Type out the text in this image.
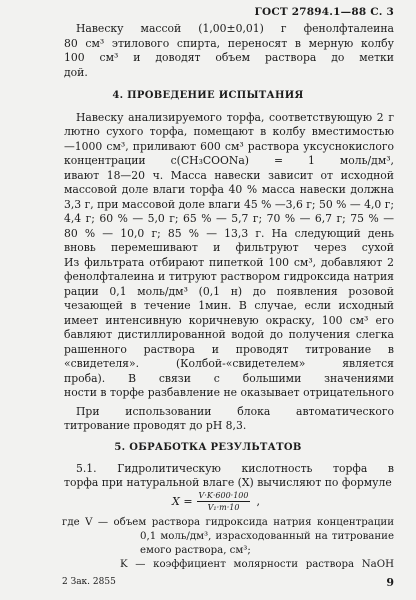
ГОСТ 27894.1—88 С. 3
Навеску массой (1,00±0,01) г фенолфталеина
80 см³ этилового спирта, переносят в мерную колбу
100 см³ и доводят объем раствора до метки
дой.
4. ПРОВЕДЕНИЕ ИСПЫТАНИЯ
Навеску анализируемого торфа, соответствующую 2 г
лютно сухого торфа, помещают в колбу вместимостью
—1000 см³, приливают 600 см³ раствора уксуснокислого
концентрации c(CH₃COONa) = 1 моль/дм³,
ивают 18—20 ч. Масса навески зависит от исходной
массовой доле влаги торфа 40 % масса навески должна
3,3 г, при массовой доле влаги 45 % —3,6 г; 50 % — 4,0 г;
4,4 г; 60 % — 5,0 г; 65 % — 5,7 г; 70 % — 6,7 г; 75 % —
80 % — 10,0 г; 85 % — 13,3 г. На следующий день
вновь перемешивают и фильтруют через сухой
Из фильтрата отбирают пипеткой 100 см³, добавляют 2
фенолфталеина и титруют раствором гидроксида натрия
рации 0,1 моль/дм³ (0,1 н) до появления розовой
чезающей в течение 1мин. В случае, если исходный
имеет интенсивную коричневую окраску, 100 см³ его
бавляют дистиллированной водой до получения слегка
рашенного раствора и проводят титрование в
«свидетеля». (Колбой-«свидетелем» является
проба). В связи с большими значениями
ности в торфе разбавление не оказывает отрицательного
При использовании блока автоматического
титрование проводят до pH 8,3.
5. ОБРАБОТКА РЕЗУЛЬТАТОВ
5.1. Гидролитическую кислотность торфа в
торфа при натуральной влаге (X) вычисляют по формуле
$X = \frac{V\cdot K\cdot 600\cdot 100}{\text{V₁·m·10}}$ ,
где V — объем раствора гидроксида натрия концентрации
0,1 моль/дм³, израсходованный на титрование
емого раствора, см³;
K — коэффициент молярности раствора NaOH
2 Зак. 2855	9
